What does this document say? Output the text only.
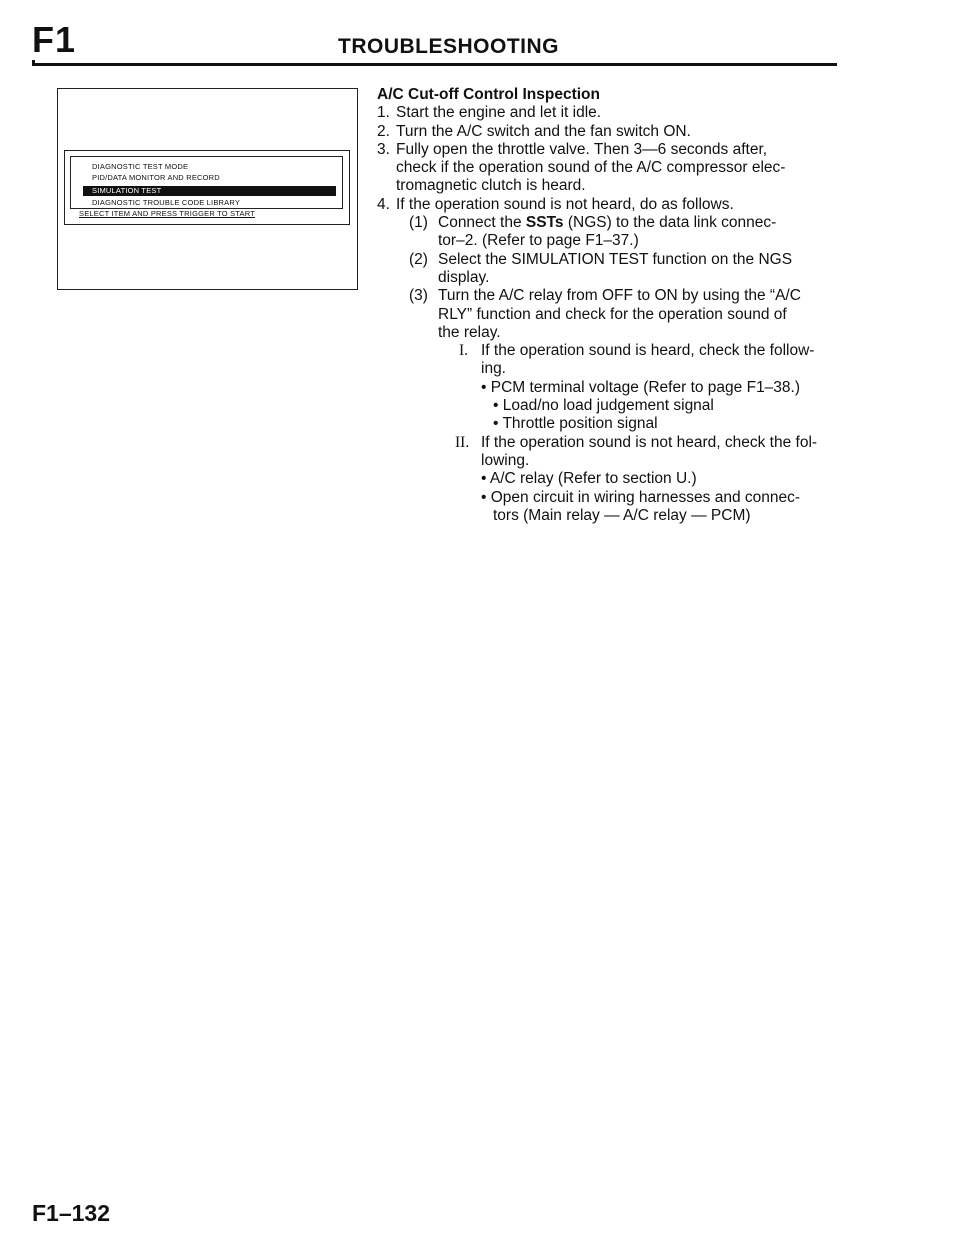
F1	TROUBLESHOOTING
DIAGNOSTIC TEST MODE
PID/DATA MONITOR AND RECORD
SIMULATION TEST
DIAGNOSTIC TROUBLE CODE LIBRARY
SELECT ITEM AND PRESS TRIGGER TO START
A/C Cut-off Control Inspection
1. Start the engine and let it idle.
2. Turn the A/C switch and the fan switch ON.
3. Fully open the throttle valve. Then 3—6 seconds after,
check if the operation sound of the A/C compressor elec-
tromagnetic clutch is heard.
4. If the operation sound is not heard, do as follows.
(1) Connect the SSTs (NGS) to the data link connec-
tor–2. (Refer to page F1–37.)
(2) Select the SIMULATION TEST function on the NGS
display.
(3) Turn the A/C relay from OFF to ON by using the “A/C
RLY” function and check for the operation sound of
the relay.
I. If the operation sound is heard, check the follow-
ing.
• PCM terminal voltage (Refer to page F1–38.)
• Load/no load judgement signal
• Throttle position signal
II. If the operation sound is not heard, check the fol-
lowing.
• A/C relay (Refer to section U.)
• Open circuit in wiring harnesses and connec-
tors (Main relay — A/C relay — PCM)
F1–132
